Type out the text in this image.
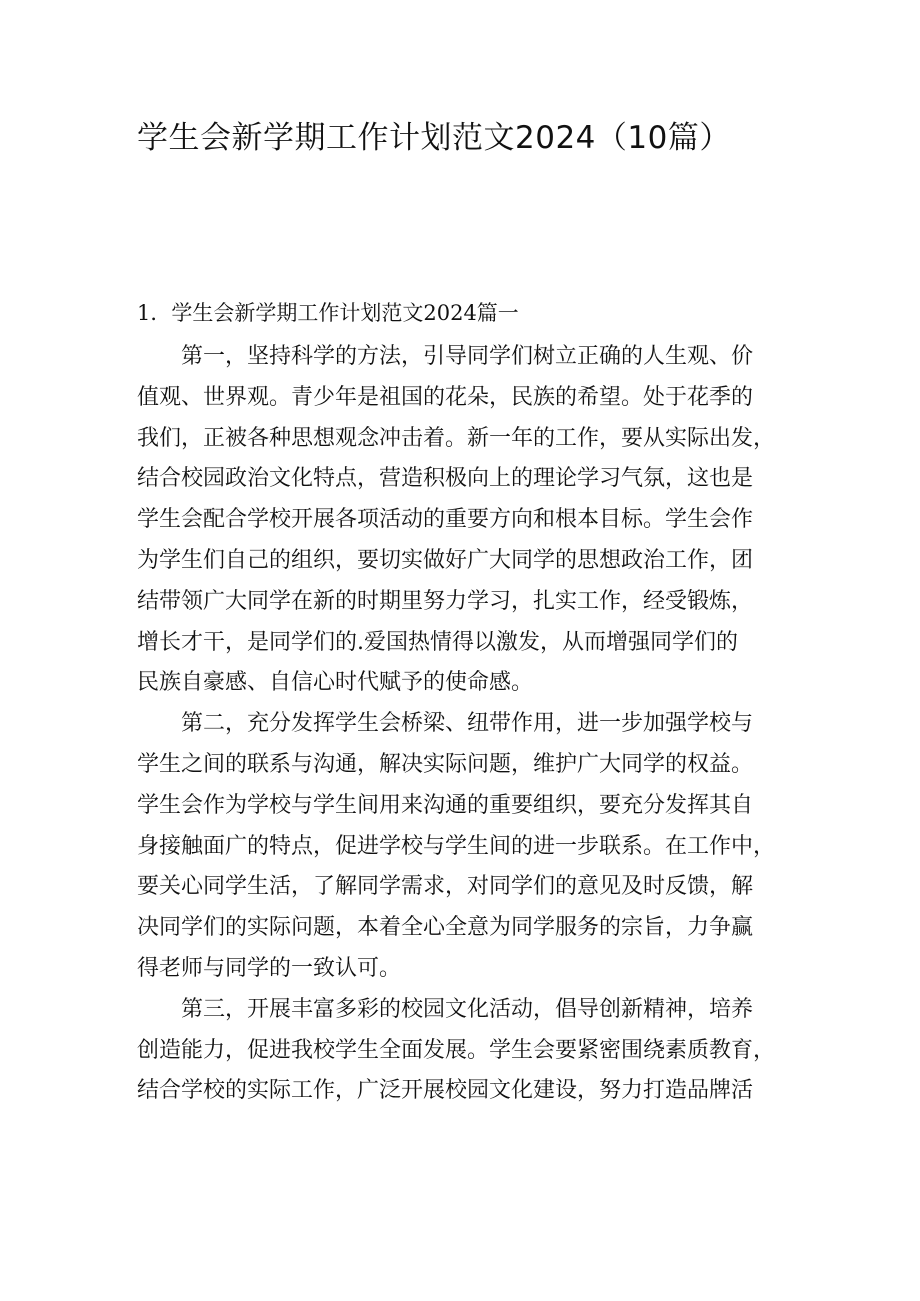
学生会新学期工作计划范文2024（10篇）
1．学生会新学期工作计划范文2024篇一

第一，坚持科学的方法，引导同学们树立正确的人生观、价
值观、世界观。青少年是祖国的花朵，民族的希望。处于花季的
我们，正被各种思想观念冲击着。新一年的工作，要从实际出发，
结合校园政治文化特点，营造积极向上的理论学习气氛，这也是
学生会配合学校开展各项活动的重要方向和根本目标。学生会作
为学生们自己的组织，要切实做好广大同学的思想政治工作，团
结带领广大同学在新的时期里努力学习，扎实工作，经受锻炼，
增长才干，是同学们的.爱国热情得以激发，从而增强同学们的
民族自豪感、自信心时代赋予的使命感。

第二，充分发挥学生会桥梁、纽带作用，进一步加强学校与
学生之间的联系与沟通，解决实际问题，维护广大同学的权益。
学生会作为学校与学生间用来沟通的重要组织，要充分发挥其自
身接触面广的特点，促进学校与学生间的进一步联系。在工作中，
要关心同学生活，了解同学需求，对同学们的意见及时反馈，解
决同学们的实际问题，本着全心全意为同学服务的宗旨，力争赢
得老师与同学的一致认可。

第三，开展丰富多彩的校园文化活动，倡导创新精神，培养
创造能力，促进我校学生全面发展。学生会要紧密围绕素质教育，
结合学校的实际工作，广泛开展校园文化建设，努力打造品牌活
